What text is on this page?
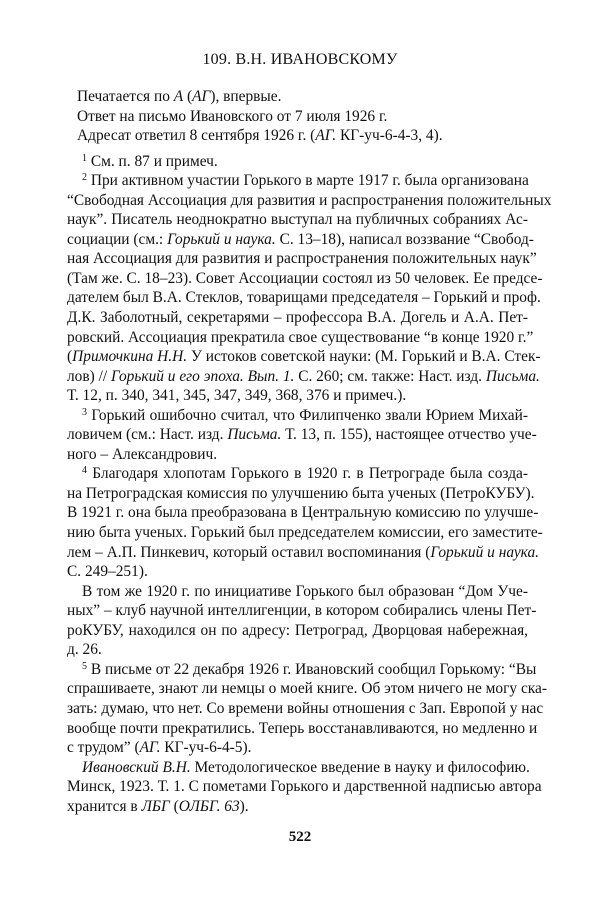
109. В.Н. ИВАНОВСКОМУ
Печатается по А (АГ), впервые.
Ответ на письмо Ивановского от 7 июля 1926 г.
Адресат ответил 8 сентября 1926 г. (АГ. КГ-уч-6-4-3, 4).
$^1$ См. п. 87 и примеч.
$^2$ При активном участии Горького в марте 1917 г. была организована
“Свободная Ассоциация для развития и распространения положительных
наук”. Писатель неоднократно выступал на публичных собраниях Ас-
социации (см.: Горький и наука. С. 13–18), написал воззвание “Свобод-
ная Ассоциация для развития и распространения положительных наук”
(Там же. С. 18–23). Совет Ассоциации состоял из 50 человек. Ее предсе-
дателем был В.А. Стеклов, товарищами председателя – Горький и проф.
Д.К. Заболотный, секретарями – профессора В.А. Догель и А.А. Пет-
ровский. Ассоциация прекратила свое существование “в конце 1920 г.”
(Примочкина Н.Н. У истоков советской науки: (М. Горький и В.А. Стек-
лов) // Горький и его эпоха. Вып. 1. С. 260; см. также: Наст. изд. Письма.
Т. 12, п. 340, 341, 345, 347, 349, 368, 376 и примеч.).
$^3$ Горький ошибочно считал, что Филипченко звали Юрием Михай-
ловичем (см.: Наст. изд. Письма. Т. 13, п. 155), настоящее отчество уче-
ного – Александрович.
$^4$ Благодаря хлопотам Горького в 1920 г. в Петрограде была созда-
на Петроградская комиссия по улучшению быта ученых (ПетроКУБУ).
В 1921 г. она была преобразована в Центральную комиссию по улучше-
нию быта ученых. Горький был председателем комиссии, его заместите-
лем – А.П. Пинкевич, который оставил воспоминания (Горький и наука.
С. 249–251).
В том же 1920 г. по инициативе Горького был образован “Дом Уче-
ных” – клуб научной интеллигенции, в котором собирались члены Пет-
роКУБУ, находился он по адресу: Петроград, Дворцовая набережная,
д. 26.
$^5$ В письме от 22 декабря 1926 г. Ивановский сообщил Горькому: “Вы
спрашиваете, знают ли немцы о моей книге. Об этом ничего не могу ска-
зать: думаю, что нет. Со времени войны отношения с Зап. Европой у нас
вообще почти прекратились. Теперь восстанавливаются, но медленно и
с трудом” (АГ. КГ-уч-6-4-5).
Ивановский В.Н. Методологическое введение в науку и философию.
Минск, 1923. Т. 1. С пометами Горького и дарственной надписью автора
хранится в ЛБГ (ОЛБГ. 63).
522
